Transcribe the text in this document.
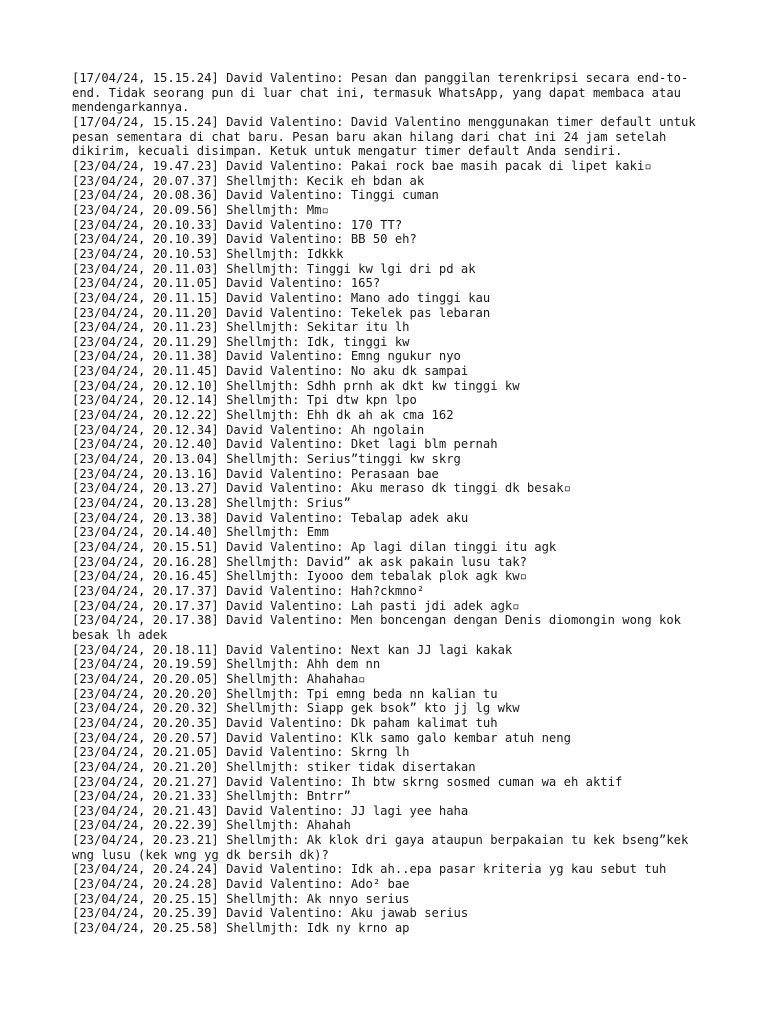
[17/04/24, 15.15.24] David Valentino: Pesan dan panggilan terenkripsi secara end-to-end. Tidak seorang pun di luar chat ini, termasuk WhatsApp, yang dapat membaca atau mendengarkannya.
[17/04/24, 15.15.24] David Valentino: David Valentino menggunakan timer default untuk pesan sementara di chat baru. Pesan baru akan hilang dari chat ini 24 jam setelah dikirim, kecuali disimpan. Ketuk untuk mengatur timer default Anda sendiri.
[23/04/24, 19.47.23] David Valentino: Pakai rock bae masih pacak di lipet kaki▫
[23/04/24, 20.07.37] Shellmjth: Kecik eh bdan ak
[23/04/24, 20.08.36] David Valentino: Tinggi cuman
[23/04/24, 20.09.56] Shellmjth: Mm▫
[23/04/24, 20.10.33] David Valentino: 170 TT?
[23/04/24, 20.10.39] David Valentino: BB 50 eh?
[23/04/24, 20.10.53] Shellmjth: Idkkk
[23/04/24, 20.11.03] Shellmjth: Tinggi kw lgi dri pd ak
[23/04/24, 20.11.05] David Valentino: 165?
[23/04/24, 20.11.15] David Valentino: Mano ado tinggi kau
[23/04/24, 20.11.20] David Valentino: Tekelek pas lebaran
[23/04/24, 20.11.23] Shellmjth: Sekitar itu lh
[23/04/24, 20.11.29] Shellmjth: Idk, tinggi kw
[23/04/24, 20.11.38] David Valentino: Emng ngukur nyo
[23/04/24, 20.11.45] David Valentino: No aku dk sampai
[23/04/24, 20.12.10] Shellmjth: Sdhh prnh ak dkt kw tinggi kw
[23/04/24, 20.12.14] Shellmjth: Tpi dtw kpn lpo
[23/04/24, 20.12.22] Shellmjth: Ehh dk ah ak cma 162
[23/04/24, 20.12.34] David Valentino: Ah ngolain
[23/04/24, 20.12.40] David Valentino: Dket lagi blm pernah
[23/04/24, 20.13.04] Shellmjth: Serius”tinggi kw skrg
[23/04/24, 20.13.16] David Valentino: Perasaan bae
[23/04/24, 20.13.27] David Valentino: Aku meraso dk tinggi dk besak▫
[23/04/24, 20.13.28] Shellmjth: Srius”
[23/04/24, 20.13.38] David Valentino: Tebalap adek aku
[23/04/24, 20.14.40] Shellmjth: Emm
[23/04/24, 20.15.51] David Valentino: Ap lagi dilan tinggi itu agk
[23/04/24, 20.16.28] Shellmjth: David” ak ask pakain lusu tak?
[23/04/24, 20.16.45] Shellmjth: Iyooo dem tebalak plok agk kw▫
[23/04/24, 20.17.37] David Valentino: Hah?ckmno²
[23/04/24, 20.17.37] David Valentino: Lah pasti jdi adek agk▫
[23/04/24, 20.17.38] David Valentino: Men boncengan dengan Denis diomongin wong kok besak lh adek
[23/04/24, 20.18.11] David Valentino: Next kan JJ lagi kakak
[23/04/24, 20.19.59] Shellmjth: Ahh dem nn
[23/04/24, 20.20.05] Shellmjth: Ahahaha▫
[23/04/24, 20.20.20] Shellmjth: Tpi emng beda nn kalian tu
[23/04/24, 20.20.32] Shellmjth: Siapp gek bsok” kto jj lg wkw
[23/04/24, 20.20.35] David Valentino: Dk paham kalimat tuh
[23/04/24, 20.20.57] David Valentino: Klk samo galo kembar atuh neng
[23/04/24, 20.21.05] David Valentino: Skrng lh
[23/04/24, 20.21.20] Shellmjth: stiker tidak disertakan
[23/04/24, 20.21.27] David Valentino: Ih btw skrng sosmed cuman wa eh aktif
[23/04/24, 20.21.33] Shellmjth: Bntrr”
[23/04/24, 20.21.43] David Valentino: JJ lagi yee haha
[23/04/24, 20.22.39] Shellmjth: Ahahah
[23/04/24, 20.23.21] Shellmjth: Ak klok dri gaya ataupun berpakaian tu kek bseng”kek wng lusu (kek wng yg dk bersih dk)?
[23/04/24, 20.24.24] David Valentino: Idk ah..epa pasar kriteria yg kau sebut tuh
[23/04/24, 20.24.28] David Valentino: Ado² bae
[23/04/24, 20.25.15] Shellmjth: Ak nnyo serius
[23/04/24, 20.25.39] David Valentino: Aku jawab serius
[23/04/24, 20.25.58] Shellmjth: Idk ny krno ap
